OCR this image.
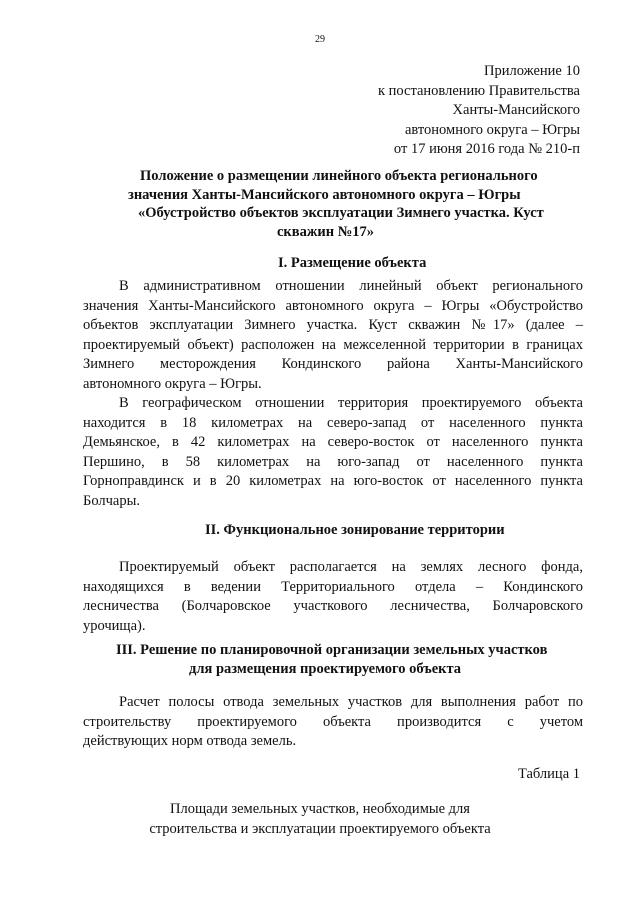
29
Приложение 10
к постановлению Правительства
Ханты-Мансийского
автономного округа – Югры
от 17 июня 2016 года № 210-п
Положение о размещении линейного объекта регионального
значения Ханты-Мансийского автономного округа – Югры
«Обустройство объектов эксплуатации Зимнего участка. Куст
скважин №17»
I. Размещение объекта
В административном отношении линейный объект регионального
значения Ханты-Мансийского автономного округа – Югры «Обустройство
объектов эксплуатации Зимнего участка. Куст скважин №17» (далее –
проектируемый объект) расположен на межселенной территории в границах
Зимнего месторождения Кондинского района Ханты-Мансийского
автономного округа – Югры.
В географическом отношении территория проектируемого объекта
находится в 18 километрах на северо-запад от населенного пункта
Демьянское, в 42 километрах на северо-восток от населенного пункта
Першино, в 58 километрах на юго-запад от населенного пункта
Горноправдинск и в 20 километрах на юго-восток от населенного пункта
Болчары.
II. Функциональное зонирование территории
Проектируемый объект располагается на землях лесного фонда,
находящихся в ведении Территориального отдела – Кондинского
лесничества (Болчаровское участкового лесничества, Болчаровского
урочища).
III. Решение по планировочной организации земельных участков
для размещения проектируемого объекта
Расчет полосы отвода земельных участков для выполнения работ по
строительству проектируемого объекта производится с учетом
действующих норм отвода земель.
Таблица 1
Площади земельных участков, необходимые для
строительства и эксплуатации проектируемого объекта
